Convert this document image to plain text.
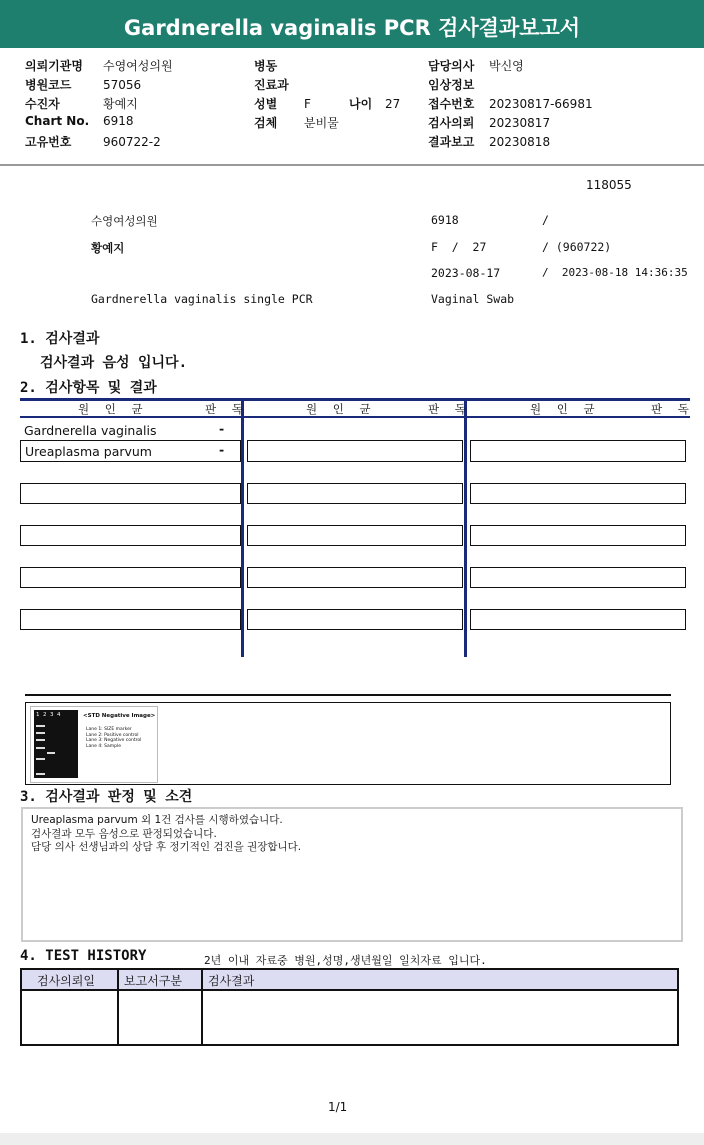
Gardnerella vaginalis PCR 검사결과보고서
의뢰기관명 수영여성의원
병원코드	57056
수진자	황예지
Chart No. 6918
고유번호	960722-2
병동
진료과
성별 F	나이 27
검체 분비물
담당의사 박신영
임상정보
접수번호 20230817-66981
검사의뢰 20230817
결과보고 20230818
118055
수영여성의원	6918	/
황예지	F  /  27	/ (960722)
2023-08-17	/  2023-08-18 14:36:35
Gardnerella vaginalis single PCR	Vaginal Swab
1. 검사결과
검사결과 음성 입니다.
2. 검사항목 및 결과
원 인 균	판 독	원 인 균	판 독	원 인 균	판 독
Gardnerella vaginalis	-
Ureaplasma parvum	-
1  2  3  4	<STD Negative Image>
Lane 1: SIZE marker
Lane 2: Positive control
Lane 3: Negative control
Lane 4: Sample
3. 검사결과 판정 및 소견
Ureaplasma parvum 외 1건 검사를 시행하였습니다.
검사결과 모두 음성으로 판정되었습니다.
담당 의사 선생님과의 상담 후 정기적인 검진을 권장합니다.
4. TEST HISTORY	2년 이내 자료중 병원,성명,생년월일 일치자료 입니다.
검사의뢰일 보고서구분 검사결과
1/1
